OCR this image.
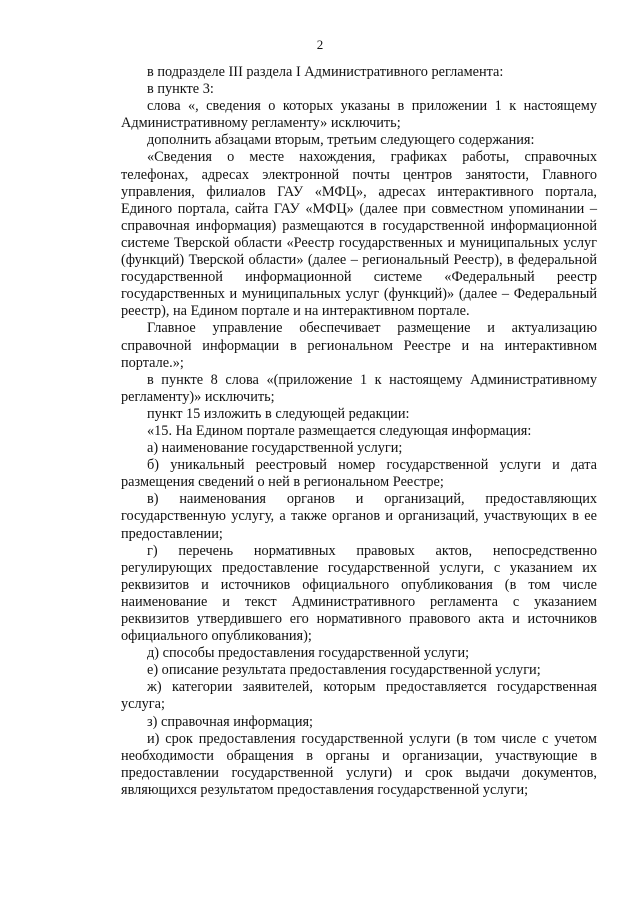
2

в подразделе III раздела I Административного регламента:

в пункте 3:

слова «, сведения о которых указаны в приложении 1 к настоящему Административному регламенту» исключить;

дополнить абзацами вторым, третьим следующего содержания:

«Сведения о месте нахождения, графиках работы, справочных телефонах, адресах электронной почты центров занятости, Главного управления, филиалов ГАУ «МФЦ», адресах интерактивного портала, Единого портала, сайта ГАУ «МФЦ» (далее при совместном упоминании – справочная информация) размещаются в государственной информационной системе Тверской области «Реестр государственных и муниципальных услуг (функций) Тверской области» (далее – региональный Реестр), в федеральной государственной информационной системе «Федеральный реестр государственных и муниципальных услуг (функций)» (далее – Федеральный реестр), на Едином портале и на интерактивном портале.

Главное управление обеспечивает размещение и актуализацию справочной информации в региональном Реестре и на интерактивном портале.»;

в пункте 8 слова «(приложение 1 к настоящему Административному регламенту)» исключить;

пункт 15 изложить в следующей редакции:

«15. На Едином портале размещается следующая информация:

а) наименование государственной услуги;

б) уникальный реестровый номер государственной услуги и дата размещения сведений о ней в региональном Реестре;

в) наименования органов и организаций, предоставляющих государственную услугу, а также органов и организаций, участвующих в ее предоставлении;

г) перечень нормативных правовых актов, непосредственно регулирующих предоставление государственной услуги, с указанием их реквизитов и источников официального опубликования (в том числе наименование и текст Административного регламента с указанием реквизитов утвердившего его нормативного правового акта и источников официального опубликования);

д) способы предоставления государственной услуги;

е) описание результата предоставления государственной услуги;

ж) категории заявителей, которым предоставляется государственная услуга;

з) справочная информация;

и) срок предоставления государственной услуги (в том числе с учетом необходимости обращения в органы и организации, участвующие в предоставлении государственной услуги) и срок выдачи документов, являющихся результатом предоставления государственной услуги;
